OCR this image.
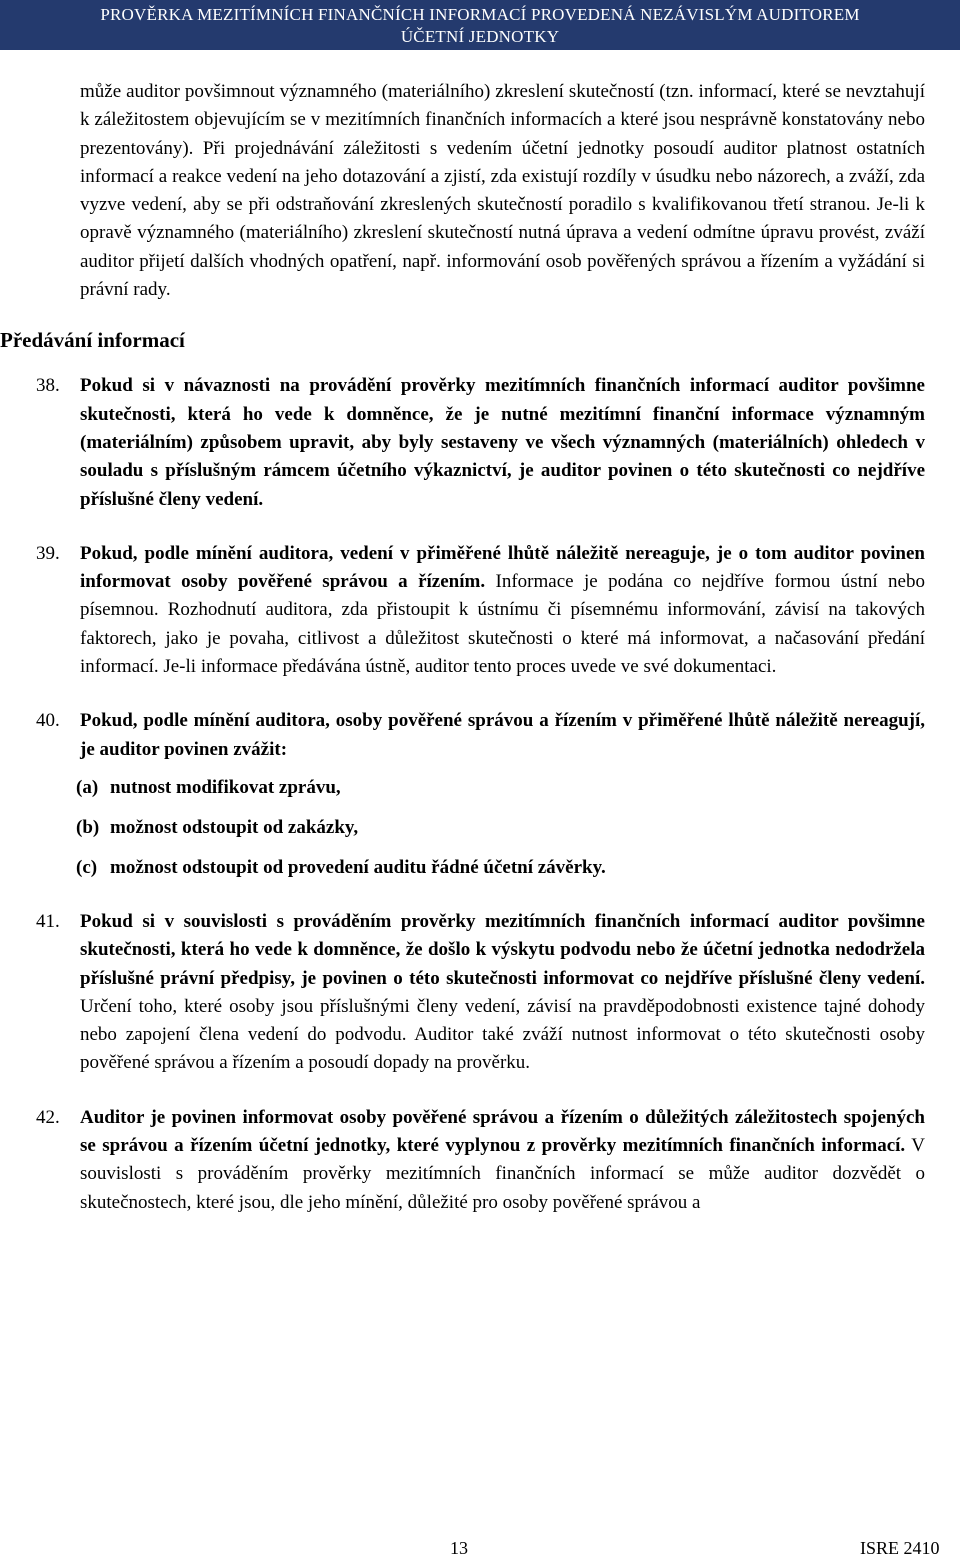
PROVĚRKA MEZITÍMNÍCH FINANČNÍCH INFORMACÍ PROVEDENÁ NEZÁVISLÝM AUDITOREM
ÚČETNÍ JEDNOTKY
může auditor povšimnout významného (materiálního) zkreslení skutečností (tzn. informací, které se nevztahují k záležitostem objevujícím se v mezitímních finančních informacích a které jsou nesprávně konstatovány nebo prezentovány). Při projednávání záležitosti s vedením účetní jednotky posoudí auditor platnost ostatních informací a reakce vedení na jeho dotazování a zjistí, zda existují rozdíly v úsudku nebo názorech, a zváží, zda vyzve vedení, aby se při odstraňování zkreslených skutečností poradilo s kvalifikovanou třetí stranou. Je-li k opravě významného (materiálního) zkreslení skutečností nutná úprava a vedení odmítne úpravu provést, zváží auditor přijetí dalších vhodných opatření, např. informování osob pověřených správou a řízením a vyžádání si právní rady.
Předávání informací
38. Pokud si v návaznosti na provádění prověrky mezitímních finančních informací auditor povšimne skutečnosti, která ho vede k domněnce, že je nutné mezitímní finanční informace významným (materiálním) způsobem upravit, aby byly sestaveny ve všech významných (materiálních) ohledech v souladu s příslušným rámcem účetního výkaznictví, je auditor povinen o této skutečnosti co nejdříve příslušné členy vedení.
39. Pokud, podle mínění auditora, vedení v přiměřené lhůtě náležitě nereaguje, je o tom auditor povinen informovat osoby pověřené správou a řízením. Informace je podána co nejdříve formou ústní nebo písemnou. Rozhodnutí auditora, zda přistoupit k ústnímu či písemnému informování, závisí na takových faktorech, jako je povaha, citlivost a důležitost skutečnosti o které má informovat, a načasování předání informací. Je-li informace předávána ústně, auditor tento proces uvede ve své dokumentaci.
40. Pokud, podle mínění auditora, osoby pověřené správou a řízením v přiměřené lhůtě náležitě nereagují, je auditor povinen zvážit:
(a) nutnost modifikovat zprávu,
(b) možnost odstoupit od zakázky,
(c) možnost odstoupit od provedení auditu řádné účetní závěrky.
41. Pokud si v souvislosti s prováděním prověrky mezitímních finančních informací auditor povšimne skutečnosti, která ho vede k domněnce, že došlo k výskytu podvodu nebo že účetní jednotka nedodržela příslušné právní předpisy, je povinen o této skutečnosti informovat co nejdříve příslušné členy vedení. Určení toho, které osoby jsou příslušnými členy vedení, závisí na pravděpodobnosti existence tajné dohody nebo zapojení člena vedení do podvodu. Auditor také zváží nutnost informovat o této skutečnosti osoby pověřené správou a řízením a posoudí dopady na prověrku.
42. Auditor je povinen informovat osoby pověřené správou a řízením o důležitých záležitostech spojených se správou a řízením účetní jednotky, které vyplynou z prověrky mezitímních finančních informací. V souvislosti s prováděním prověrky mezitímních finančních informací se může auditor dozvědět o skutečnostech, které jsou, dle jeho mínění, důležité pro osoby pověřené správou a
13	ISRE 2410
